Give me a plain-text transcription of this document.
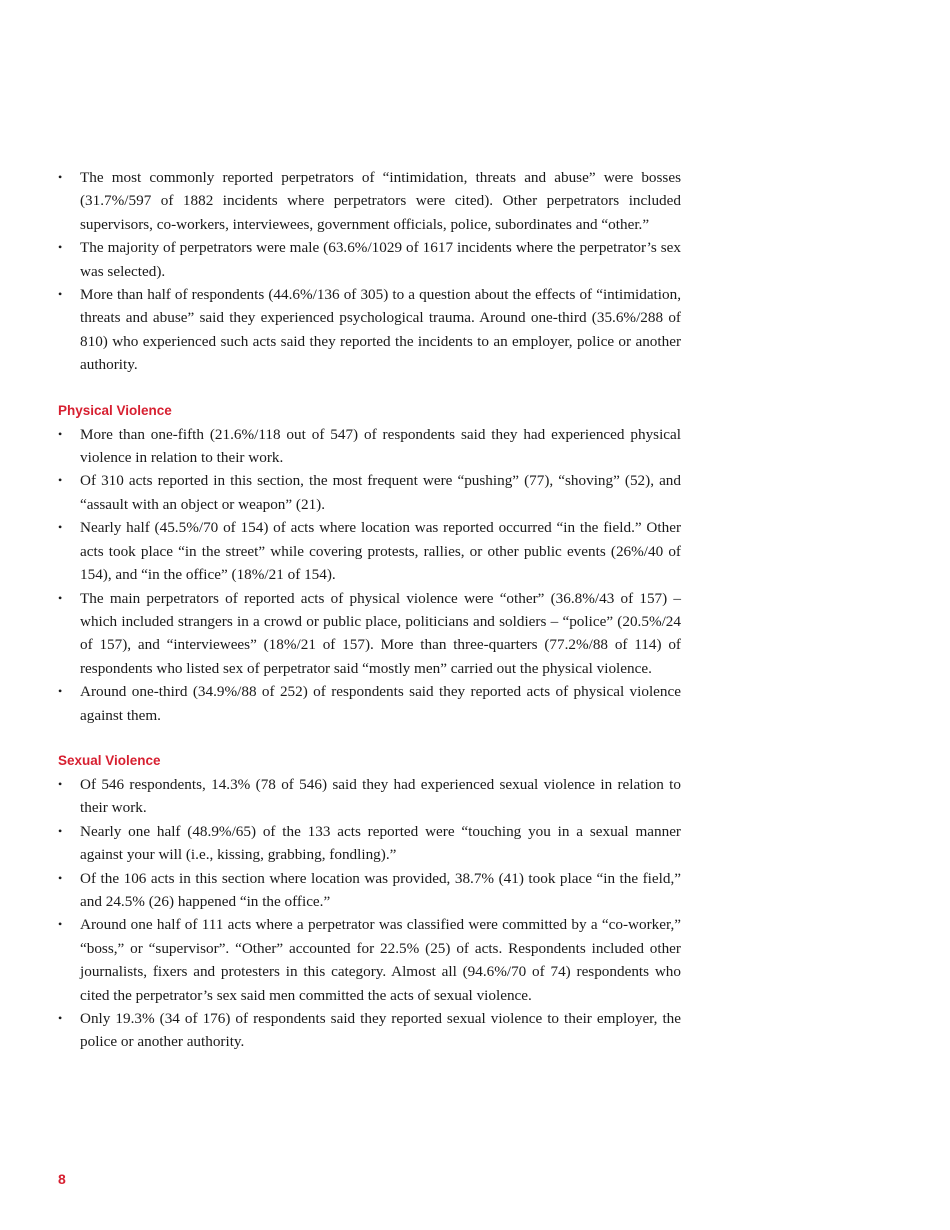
•	The most commonly reported perpetrators of “intimidation, threats and abuse” were bosses (31.7%/597 of 1882 incidents where perpetrators were cited). Other perpetrators included supervisors, co-workers, interviewees, government officials, police, subordinates and “other.”
•	The majority of perpetrators were male (63.6%/1029 of 1617 incidents where the perpetrator’s sex was selected).
•	More than half of respondents (44.6%/136 of 305) to a question about the effects of “intimidation, threats and abuse” said they experienced psychological trauma. Around one-third (35.6%/288 of 810) who experienced such acts said they reported the incidents to an employer, police or another authority.
Physical Violence
•	More than one-fifth (21.6%/118 out of 547) of respondents said they had experienced physical violence in relation to their work.
•	Of 310 acts reported in this section, the most frequent were “pushing” (77), “shoving” (52), and “assault with an object or weapon” (21).
•	Nearly half (45.5%/70 of 154) of acts where location was reported occurred “in the field.” Other acts took place “in the street” while covering protests, rallies, or other public events (26%/40 of 154), and “in the office” (18%/21 of 154).
•	The main perpetrators of reported acts of physical violence were “other” (36.8%/43 of 157) – which included strangers in a crowd or public place, politicians and soldiers – “police” (20.5%/24 of 157), and “interviewees” (18%/21 of 157). More than three-quarters (77.2%/88 of 114) of respondents who listed sex of perpetrator said “mostly men” carried out the physical violence.
•	Around one-third (34.9%/88 of 252) of respondents said they reported acts of physical violence against them.
Sexual Violence
•	Of 546 respondents, 14.3% (78 of 546) said they had experienced sexual violence in relation to their work.
•	Nearly one half (48.9%/65) of the 133 acts reported were “touching you in a sexual manner against your will (i.e., kissing, grabbing, fondling).”
•	Of the 106 acts in this section where location was provided, 38.7% (41) took place “in the field,” and 24.5% (26) happened “in the office.”
•	Around one half of 111 acts where a perpetrator was classified were committed by a “co-worker,” “boss,” or “supervisor”. “Other” accounted for 22.5% (25) of acts. Respondents included other journalists, fixers and protesters in this category. Almost all (94.6%/70 of 74) respondents who cited the perpetrator’s sex said men committed the acts of sexual violence.
•	Only 19.3% (34 of 176) of respondents said they reported sexual violence to their employer, the police or another authority.
8
